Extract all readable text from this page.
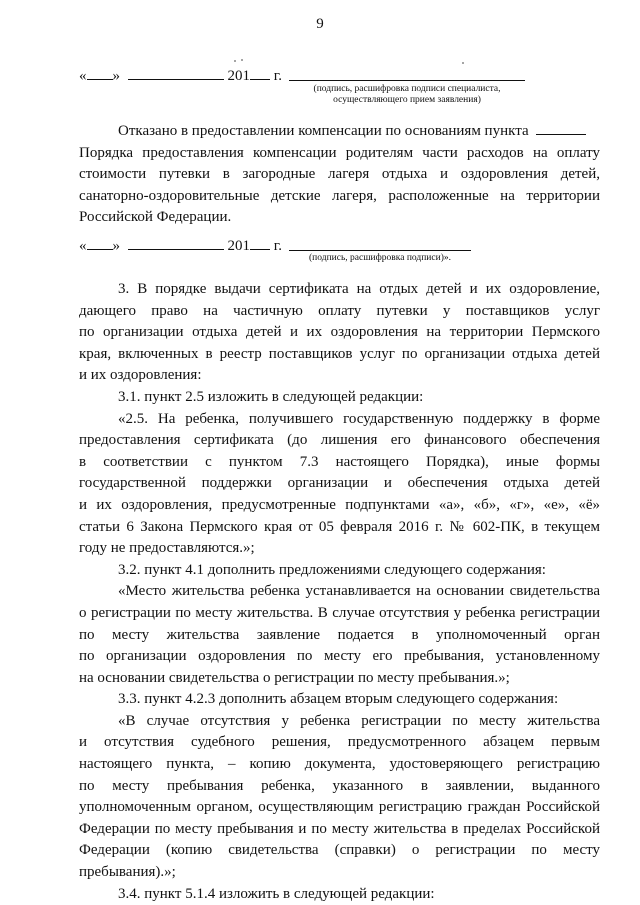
9
« »	201 г.
(подпись, расшифровка подписи специалиста,
осуществляющего прием заявления)
Отказано в предоставлении компенсации по основаниям пункта
Порядка предоставления компенсации родителям части расходов на оплату
стоимости путевки в загородные лагеря отдыха и оздоровления детей,
санаторно-оздоровительные детские лагеря, расположенные на территории
Российской Федерации.
« »	201 г.
(подпись, расшифровка подписи)».
3. В порядке выдачи сертификата на отдых детей и их оздоровление,
дающего право на частичную оплату путевки у поставщиков услуг
по организации отдыха детей и их оздоровления на территории Пермского
края, включенных в реестр поставщиков услуг по организации отдыха детей
и их оздоровления:
3.1. пункт 2.5 изложить в следующей редакции:
«2.5. На ребенка, получившего государственную поддержку в форме
предоставления сертификата (до лишения его финансового обеспечения
в соответствии с пунктом 7.3 настоящего Порядка), иные формы
государственной поддержки организации и обеспечения отдыха детей
и их оздоровления, предусмотренные подпунктами «а», «б», «г», «е», «ё»
статьи 6 Закона Пермского края от 05 февраля 2016 г. № 602-ПК, в текущем
году не предоставляются.»;
3.2. пункт 4.1 дополнить предложениями следующего содержания:
«Место жительства ребенка устанавливается на основании свидетельства
о регистрации по месту жительства. В случае отсутствия у ребенка регистрации
по месту жительства заявление подается в уполномоченный орган
по организации оздоровления по месту его пребывания, установленному
на основании свидетельства о регистрации по месту пребывания.»;
3.3. пункт 4.2.3 дополнить абзацем вторым следующего содержания:
«В случае отсутствия у ребенка регистрации по месту жительства
и отсутствия судебного решения, предусмотренного абзацем первым
настоящего пункта, – копию документа, удостоверяющего регистрацию
по месту пребывания ребенка, указанного в заявлении, выданного
уполномоченным органом, осуществляющим регистрацию граждан Российской
Федерации по месту пребывания и по месту жительства в пределах Российской
Федерации (копию свидетельства (справки) о регистрации по месту
пребывания).»;
3.4. пункт 5.1.4 изложить в следующей редакции:
